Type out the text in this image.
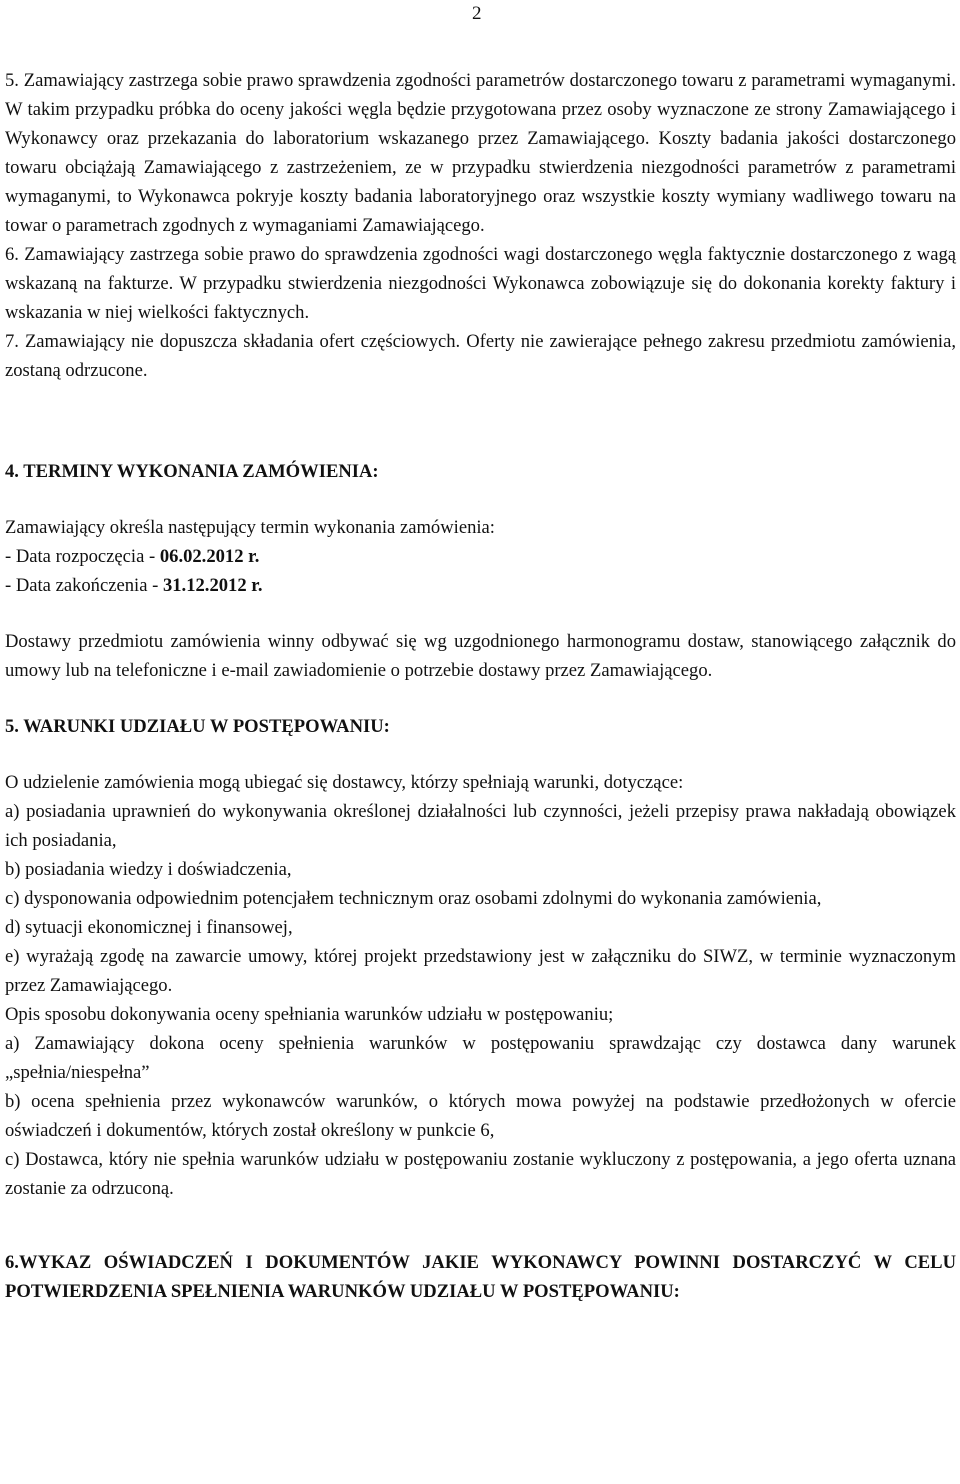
2

5. Zamawiający zastrzega sobie prawo sprawdzenia zgodności parametrów dostarczonego towaru z parametrami wymaganymi. W takim przypadku próbka do oceny jakości węgla będzie przygotowana przez osoby wyznaczone ze strony Zamawiającego i Wykonawcy oraz przekazania do laboratorium wskazanego przez Zamawiającego. Koszty badania jakości dostarczonego towaru obciążają Zamawiającego z zastrzeżeniem, ze w przypadku stwierdzenia niezgodności parametrów z parametrami wymaganymi, to Wykonawca pokryje koszty badania laboratoryjnego oraz wszystkie koszty wymiany wadliwego towaru na towar o parametrach zgodnych z wymaganiami Zamawiającego.

6. Zamawiający zastrzega sobie prawo do sprawdzenia zgodności wagi dostarczonego węgla faktycznie dostarczonego z wagą wskazaną na fakturze. W przypadku stwierdzenia niezgodności Wykonawca zobowiązuje się do dokonania korekty faktury i wskazania w niej wielkości faktycznych.

7. Zamawiający nie dopuszcza składania ofert częściowych. Oferty nie zawierające pełnego zakresu przedmiotu zamówienia, zostaną odrzucone.

4. TERMINY WYKONANIA ZAMÓWIENIA:

Zamawiający określa następujący termin wykonania zamówienia:

- Data rozpoczęcia - 06.02.2012 r.

- Data zakończenia - 31.12.2012 r.

Dostawy przedmiotu zamówienia winny odbywać się wg uzgodnionego harmonogramu dostaw, stanowiącego załącznik do umowy lub na telefoniczne i e-mail zawiadomienie o potrzebie dostawy przez Zamawiającego.

5. WARUNKI UDZIAŁU W POSTĘPOWANIU:

O udzielenie zamówienia mogą ubiegać się dostawcy, którzy spełniają warunki, dotyczące:

a) posiadania uprawnień do wykonywania określonej działalności lub czynności, jeżeli przepisy prawa nakładają obowiązek ich posiadania,

b) posiadania wiedzy i doświadczenia,

c) dysponowania odpowiednim potencjałem technicznym oraz osobami zdolnymi do wykonania zamówienia,

d) sytuacji ekonomicznej i finansowej,

e) wyrażają zgodę na zawarcie umowy, której projekt przedstawiony jest w załączniku do SIWZ, w terminie wyznaczonym przez Zamawiającego.

Opis sposobu dokonywania oceny spełniania warunków udziału w postępowaniu;

a) Zamawiający dokona oceny spełnienia warunków w postępowaniu sprawdzając czy dostawca dany warunek „spełnia/niespełna”

b) ocena spełnienia przez wykonawców warunków, o których mowa powyżej na podstawie przedłożonych w ofercie oświadczeń i dokumentów, których został określony w punkcie 6,

c) Dostawca, który nie spełnia warunków udziału w postępowaniu zostanie wykluczony z postępowania, a jego oferta uznana zostanie za odrzuconą.

6.WYKAZ OŚWIADCZEŃ I DOKUMENTÓW JAKIE WYKONAWCY POWINNI DOSTARCZYĆ W CELU POTWIERDZENIA SPEŁNIENIA WARUNKÓW UDZIAŁU W POSTĘPOWANIU:
